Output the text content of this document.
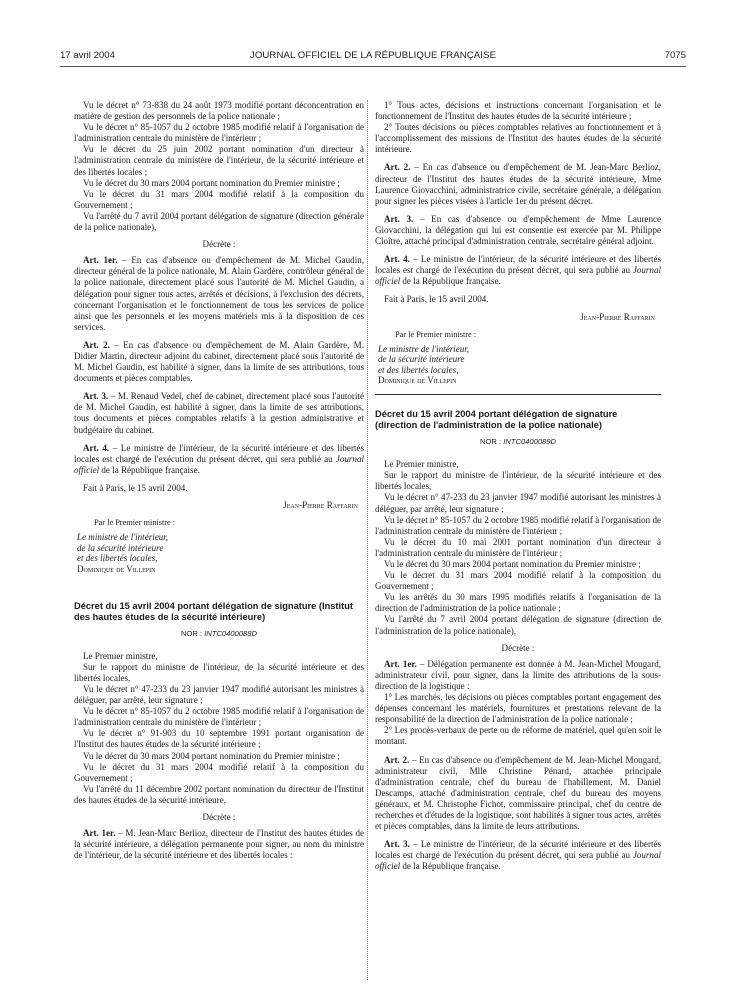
17 avril 2004	JOURNAL OFFICIEL DE LA RÉPUBLIQUE FRANÇAISE	7075

Vu le décret n° 73-838 du 24 août 1973 modifié portant déconcentration en matière de gestion des personnels de la police nationale ;

Vu le décret n° 85-1057 du 2 octobre 1985 modifié relatif à l'organisation de l'administration centrale du ministère de l'intérieur ;

Vu le décret du 25 juin 2002 portant nomination d'un directeur à l'administration centrale du ministère de l'intérieur, de la sécurité intérieure et des libertés locales ;

Vu le décret du 30 mars 2004 portant nomination du Premier ministre ;

Vu le décret du 31 mars 2004 modifié relatif à la composition du Gouvernement ;

Vu l'arrêté du 7 avril 2004 portant délégation de signature (direction générale de la police nationale),

Décrète :

Art. 1er. – En cas d'absence ou d'empêchement de M. Michel Gaudin, directeur général de la police nationale, M. Alain Gardère, contrôleur général de la police nationale, directement placé sous l'autorité de M. Michel Gaudin, a délégation pour signer tous actes, arrêtés et décisions, à l'exclusion des décrets, concernant l'organisation et le fonctionnement de tous les services de police ainsi que les personnels et les moyens matériels mis à la disposition de ces services.

Art. 2. – En cas d'absence ou d'empêchement de M. Alain Gardère, M. Didier Martin, directeur adjoint du cabinet, directement placé sous l'autorité de M. Michel Gaudin, est habilité à signer, dans la limite de ses attributions, tous documents et pièces comptables.

Art. 3. – M. Renaud Vedel, chef de cabinet, directement placé sous l'autorité de M. Michel Gaudin, est habilité à signer, dans la limite de ses attributions, tous documents et pièces comptables relatifs à la gestion administrative et budgétaire du cabinet.

Art. 4. – Le ministre de l'intérieur, de la sécurité intérieure et des libertés locales est chargé de l'exécution du présent décret, qui sera publié au Journal officiel de la République française.

Fait à Paris, le 15 avril 2004.

Jean-Pierre Raffarin

Par le Premier ministre :

Le ministre de l'intérieur,
de la sécurité intérieure
et des libertés locales,
Dominique de Villepin
Décret du 15 avril 2004 portant délégation de signature (Institut des hautes études de la sécurité intérieure)
NOR : INTC0400088D

Le Premier ministre,

Sur le rapport du ministre de l'intérieur, de la sécurité intérieure et des libertés locales,

Vu le décret n° 47-233 du 23 janvier 1947 modifié autorisant les ministres à déléguer, par arrêté, leur signature ;

Vu le décret n° 85-1057 du 2 octobre 1985 modifié relatif à l'organisation de l'administration centrale du ministère de l'intérieur ;

Vu le décret n° 91-903 du 10 septembre 1991 portant organisation de l'Institut des hautes études de la sécurité intérieure ;

Vu le décret du 30 mars 2004 portant nomination du Premier ministre ;

Vu le décret du 31 mars 2004 modifié relatif à la composition du Gouvernement ;

Vu l'arrêté du 11 décembre 2002 portant nomination du directeur de l'Institut des hautes études de la sécurité intérieure,

Décrète :

Art. 1er. – M. Jean-Marc Berlioz, directeur de l'Institut des hautes études de la sécurité intérieure, a délégation permanente pour signer, au nom du ministre de l'intérieur, de la sécurité intérieure et des libertés locales :

1° Tous actes, décisions et instructions concernant l'organisation et le fonctionnement de l'Institut des hautes études de la sécurité intérieure ;

2° Toutes décisions ou pièces comptables relatives au fonctionnement et à l'accomplissement des missions de l'Institut des hautes études de la sécurité intérieure.

Art. 2. – En cas d'absence ou d'empêchement de M. Jean-Marc Berlioz, directeur de l'Institut des hautes études de la sécurité intérieure, Mme Laurence Giovacchini, administratrice civile, secrétaire générale, a délégation pour signer les pièces visées à l'article 1er du présent décret.

Art. 3. – En cas d'absence ou d'empêchement de Mme Laurence Giovacchini, la délégation qui lui est consentie est exercée par M. Philippe Cloître, attaché principal d'administration centrale, secrétaire général adjoint.

Art. 4. – Le ministre de l'intérieur, de la sécurité intérieure et des libertés locales est chargé de l'exécution du présent décret, qui sera publié au Journal officiel de la République française.

Fait à Paris, le 15 avril 2004.

Jean-Pierre Raffarin

Par le Premier ministre :

Le ministre de l'intérieur,
de la sécurité intérieure
et des libertés locales,
Dominique de Villepin
Décret du 15 avril 2004 portant délégation de signature (direction de l'administration de la police nationale)
NOR : INTC0400089D

Le Premier ministre,

Sur le rapport du ministre de l'intérieur, de la sécurité intérieure et des libertés locales,

Vu le décret n° 47-233 du 23 janvier 1947 modifié autorisant les ministres à déléguer, par arrêté, leur signature ;

Vu le décret n° 85-1057 du 2 octobre 1985 modifié relatif à l'organisation de l'administration centrale du ministère de l'intérieur ;

Vu le décret du 10 mai 2001 portant nomination d'un directeur à l'administration centrale du ministère de l'intérieur ;

Vu le décret du 30 mars 2004 portant nomination du Premier ministre ;

Vu le décret du 31 mars 2004 modifié relatif à la composition du Gouvernement ;

Vu les arrêtés du 30 mars 1995 modifiés relatifs à l'organisation de la direction de l'administration de la police nationale ;

Vu l'arrêté du 7 avril 2004 portant délégation de signature (direction de l'administration de la police nationale),

Décrète :

Art. 1er. – Délégation permanente est donnée à M. Jean-Michel Mougard, administrateur civil, pour signer, dans la limite des attributions de la sous-direction de la logistique :

1° Les marchés, les décisions ou pièces comptables portant engagement des dépenses concernant les matériels, fournitures et prestations relevant de la responsabilité de la direction de l'administration de la police nationale ;

2° Les procès-verbaux de perte ou de réforme de matériel, quel qu'en soit le montant.

Art. 2. – En cas d'absence ou d'empêchement de M. Jean-Michel Mougard, administrateur civil, Mlle Christine Pénard, attachée principale d'administration centrale, chef du bureau de l'habillement, M. Daniel Descamps, attaché d'administration centrale, chef du bureau des moyens généraux, et M. Christophe Fichot, commissaire principal, chef du centre de recherches et d'études de la logistique, sont habilités à signer tous actes, arrêtés et pièces comptables, dans la limite de leurs attributions.

Art. 3. – Le ministre de l'intérieur, de la sécurité intérieure et des libertés locales est chargé de l'exécution du présent décret, qui sera publié au Journal officiel de la République française.
